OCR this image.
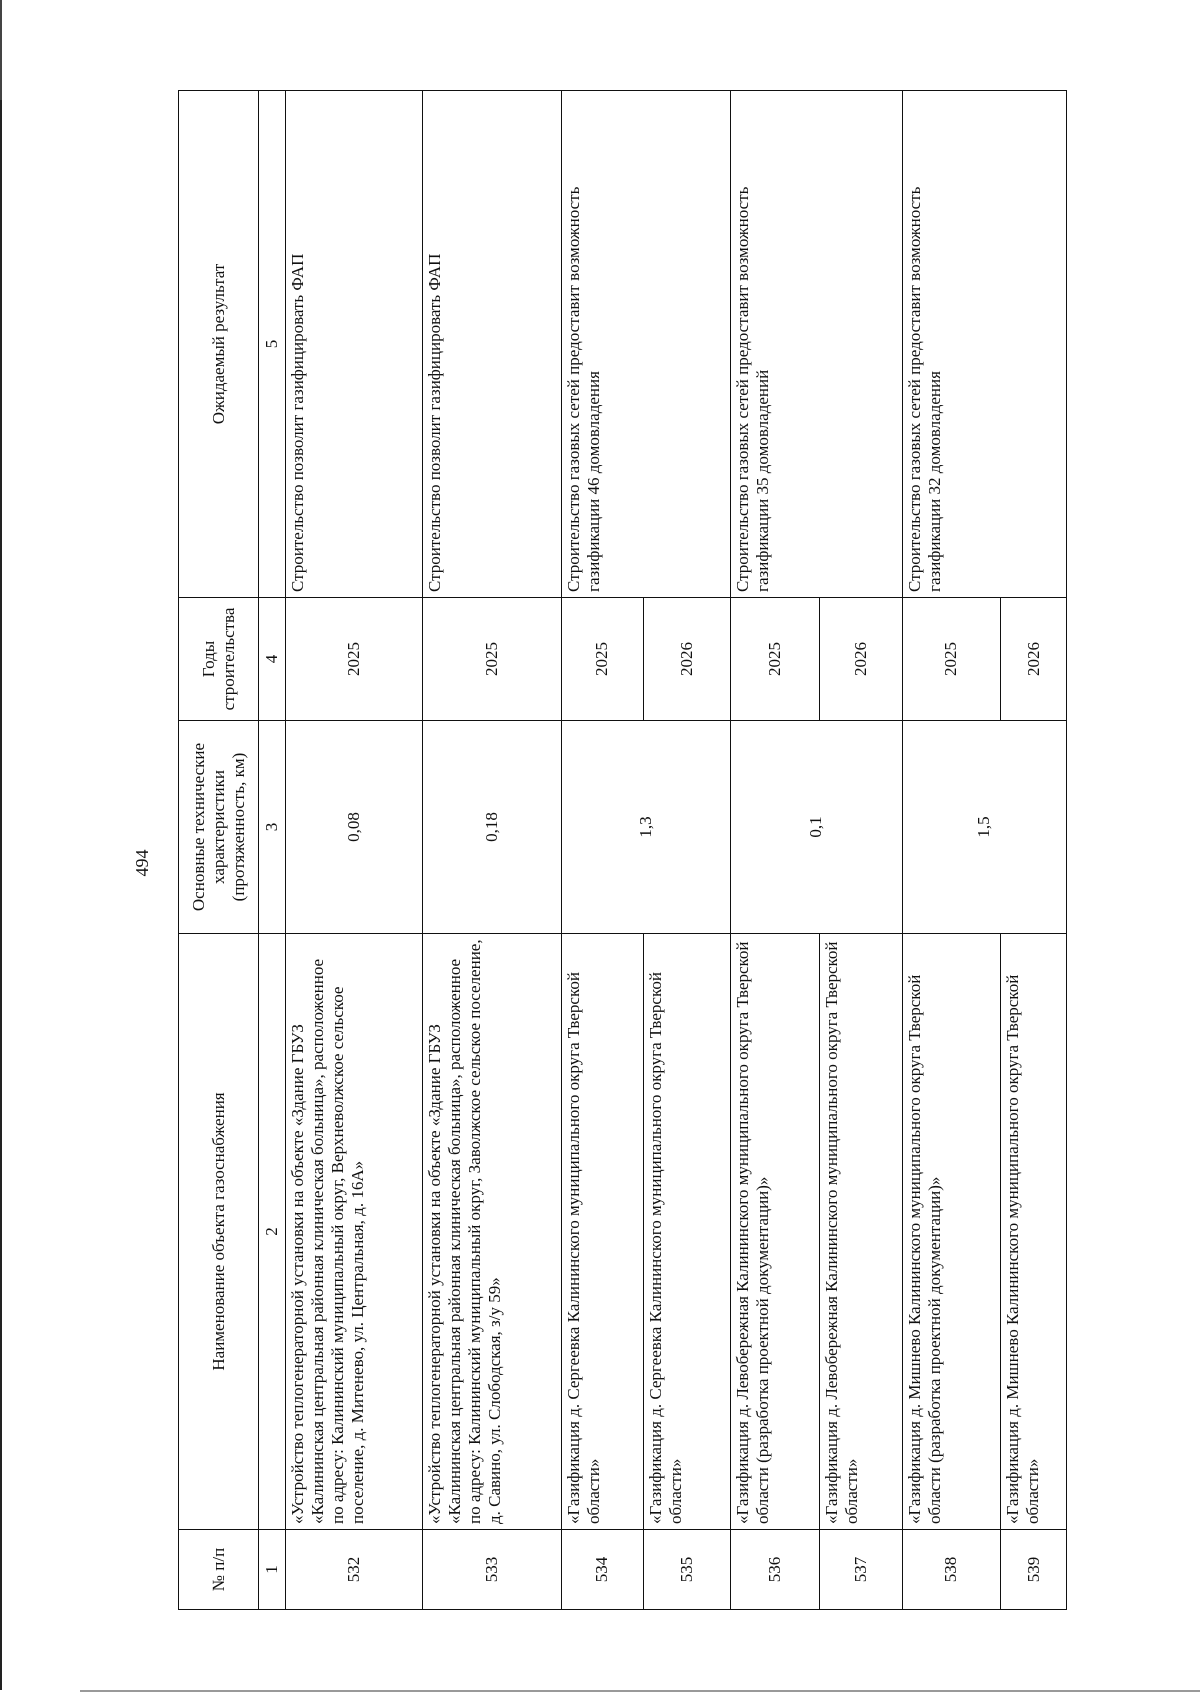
494
№ п/п	Наименование объекта газоснабжения	Основные технические характеристики (протяженность, км)	Годы строительства	Ожидаемый результат
1	2	3	4	5
532	«Устройство теплогенераторной установки на объекте «Здание ГБУЗ «Калининская центральная районная клиническая больница», расположенное по адресу: Калининский муниципальный округ, Верхневолжское сельское поселение, д. Митенево, ул. Центральная, д. 16А»	0,08	2025	Строительство позволит газифицировать ФАП
533	«Устройство теплогенераторной установки на объекте «Здание ГБУЗ «Калининская центральная районная клиническая больница», расположенное по адресу: Калининский муниципальный округ, Заволжское сельское поселение, д. Савино, ул. Слободская, з/у 59»	0,18	2025	Строительство позволит газифицировать ФАП
534	«Газификация д. Сергеевка Калининского муниципального округа Тверской области»	1,3	2025	Строительство газовых сетей предоставит возможность газификации 46 домовладения
535	«Газификация д. Сергеевка Калининского муниципального округа Тверской области»		2026	
536	«Газификация д. Левобережная Калининского муниципального округа Тверской области (разработка проектной документации)»	0,1	2025	Строительство газовых сетей предоставит возможность газификации 35 домовладений
537	«Газификация д. Левобережная Калининского муниципального округа Тверской области»		2026	
538	«Газификация д. Мишнево Калининского муниципального округа Тверской области (разработка проектной документации)»	1,5	2025	Строительство газовых сетей предоставит возможность газификации 32 домовладения
539	«Газификация д. Мишнево Калининского муниципального округа Тверской области»		2026	
